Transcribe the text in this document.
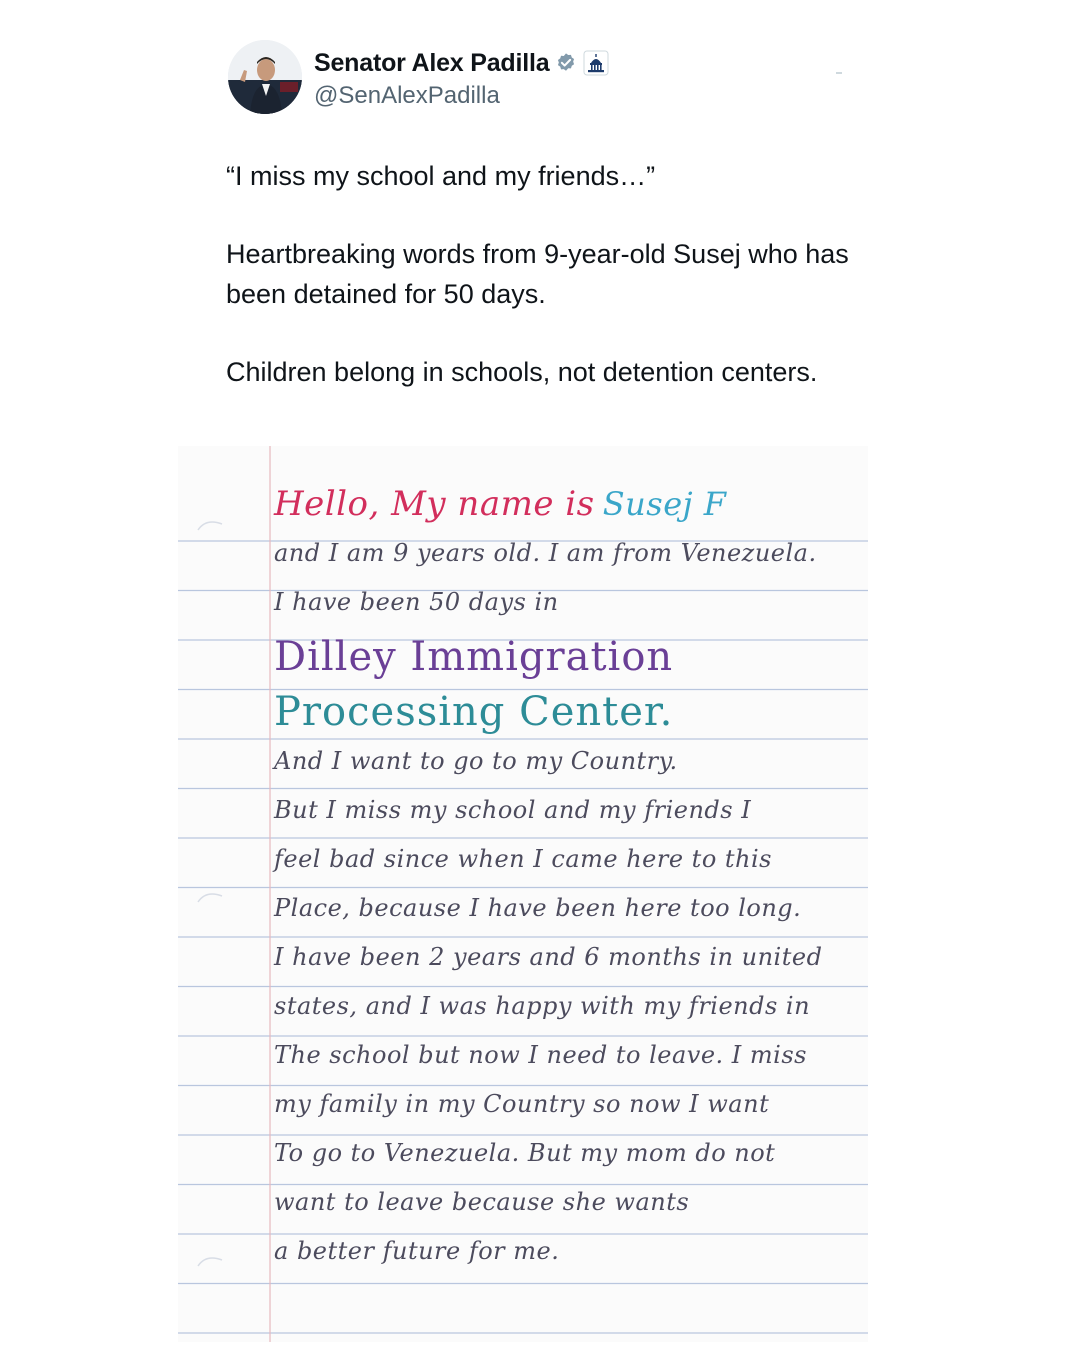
Senator Alex Padilla
@SenAlexPadilla

“I miss my school and my friends…”

Heartbreaking words from 9-year-old Susej who has been detained for 50 days.

Children belong in schools, not detention centers.

Hello, My name is Susej F
and I am 9 years old. I am from Venezuela.
I have been 50 days in
Dilley Immigration
Processing Center.
And I want to go to my Country.
But I miss my school and my friends I
feel bad since when I came here to this
Place, because I have been here too long.
I have been 2 years and 6 months in united
states, and I was happy with my friends in
The school but now I need to leave. I miss
my family in my Country so now I want
To go to Venezuela. But my mom do not
want to leave because she wants
a better future for me.
